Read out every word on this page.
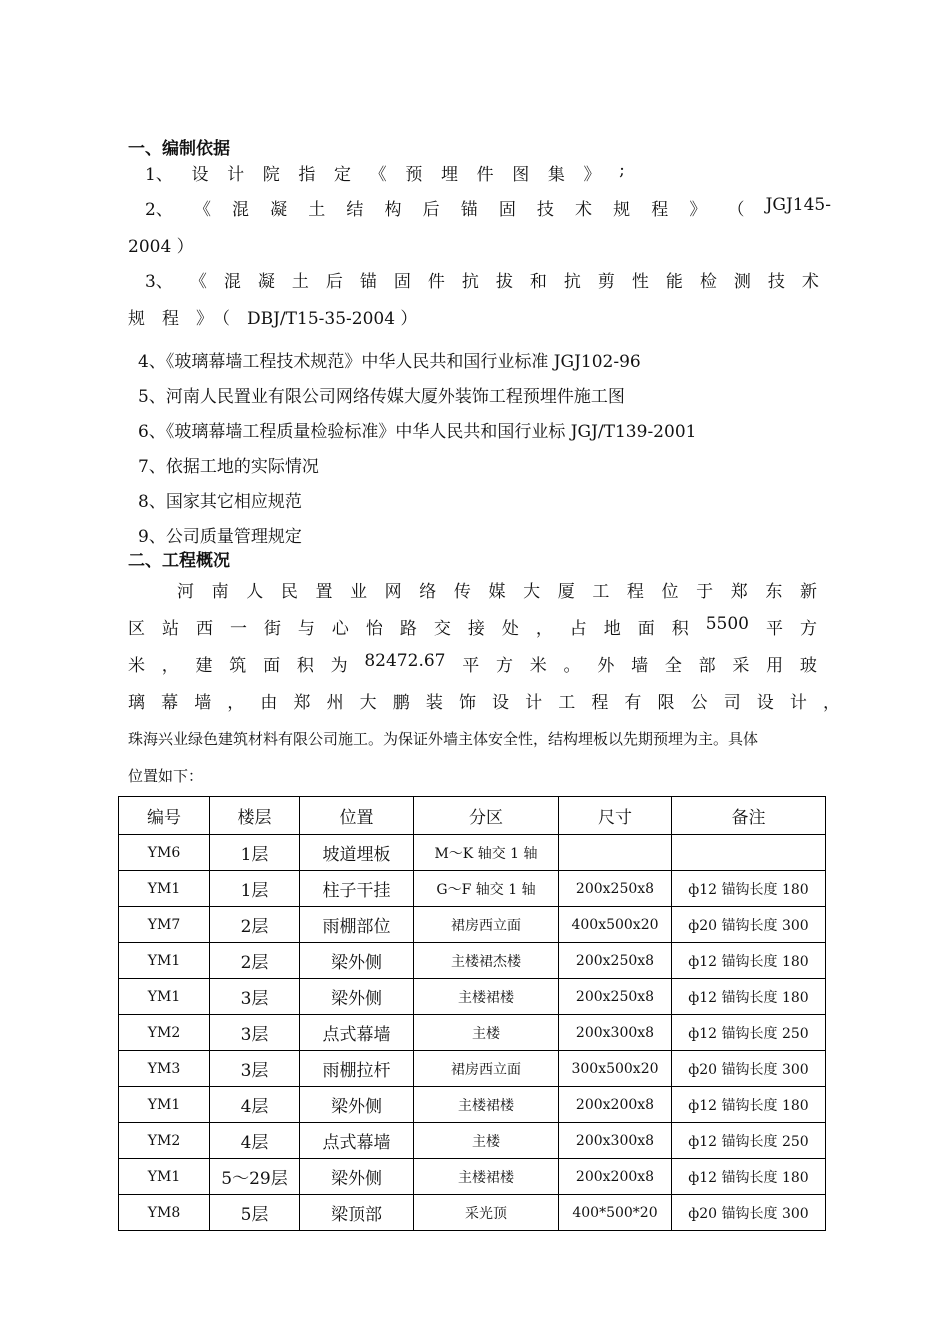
一、编制依据
1、 设 计 院 指 定 《 预 埋 件 图 集 》 ;
2、 《 混 凝 土 结 构 后 锚 固 技 术 规 程 》 （ JGJ145-
2004 ）
3、 《 混 凝 土 后 锚 固 件 抗 拔 和 抗 剪 性 能 检 测 技 术
规　程　》　（　DBJ/T15-35-2004 ）
4、《玻璃幕墙工程技术规范》中华人民共和国行业标准 JGJ102-96
5、河南人民置业有限公司网络传媒大厦外装饰工程预埋件施工图
6、《玻璃幕墙工程质量检验标准》中华人民共和国行业标 JGJ/T139-2001
7、依据工地的实际情况
8、国家其它相应规范
9、公司质量管理规定
二、工程概况
河 南 人 民 置 业 网 络 传 媒 大 厦 工 程 位 于 郑 东 新
区 站 西 一 街 与 心 怡 路 交 接 处 ， 占 地 面 积 5500 平 方
米 ， 建 筑 面 积 为 82472.67 平 方 米 。 外 墙 全 部 采 用 玻
璃 幕 墙 ， 由 郑 州 大 鹏 装 饰 设 计 工 程 有 限 公 司 设 计 ，
珠海兴业绿色建筑材料有限公司施工。为保证外墙主体安全性，结构埋板以先期预埋为主。具体
位置如下：
编号	楼层	位置	分区	尺寸	备注
YM6	1层	坡道埋板	M～K 轴交 1 轴		
YM1	1层	柱子干挂	G～F 轴交 1 轴	200x250x8	ф12 锚钩长度 180
YM7	2层	雨棚部位	裙房西立面	400x500x20	ф20 锚钩长度 300
YM1	2层	梁外侧	主楼裙杰楼	200x250x8	ф12 锚钩长度 180
YM1	3层	梁外侧	主楼裙楼	200x250x8	ф12 锚钩长度 180
YM2	3层	点式幕墙	主楼	200x300x8	ф12 锚钩长度 250
YM3	3层	雨棚拉杆	裙房西立面	300x500x20	ф20 锚钩长度 300
YM1	4层	梁外侧	主楼裙楼	200x200x8	ф12 锚钩长度 180
YM2	4层	点式幕墙	主楼	200x300x8	ф12 锚钩长度 250
YM1	5～29层	梁外侧	主楼裙楼	200x200x8	ф12 锚钩长度 180
YM8	5层	梁顶部	采光顶	400*500*20	ф20 锚钩长度 300
